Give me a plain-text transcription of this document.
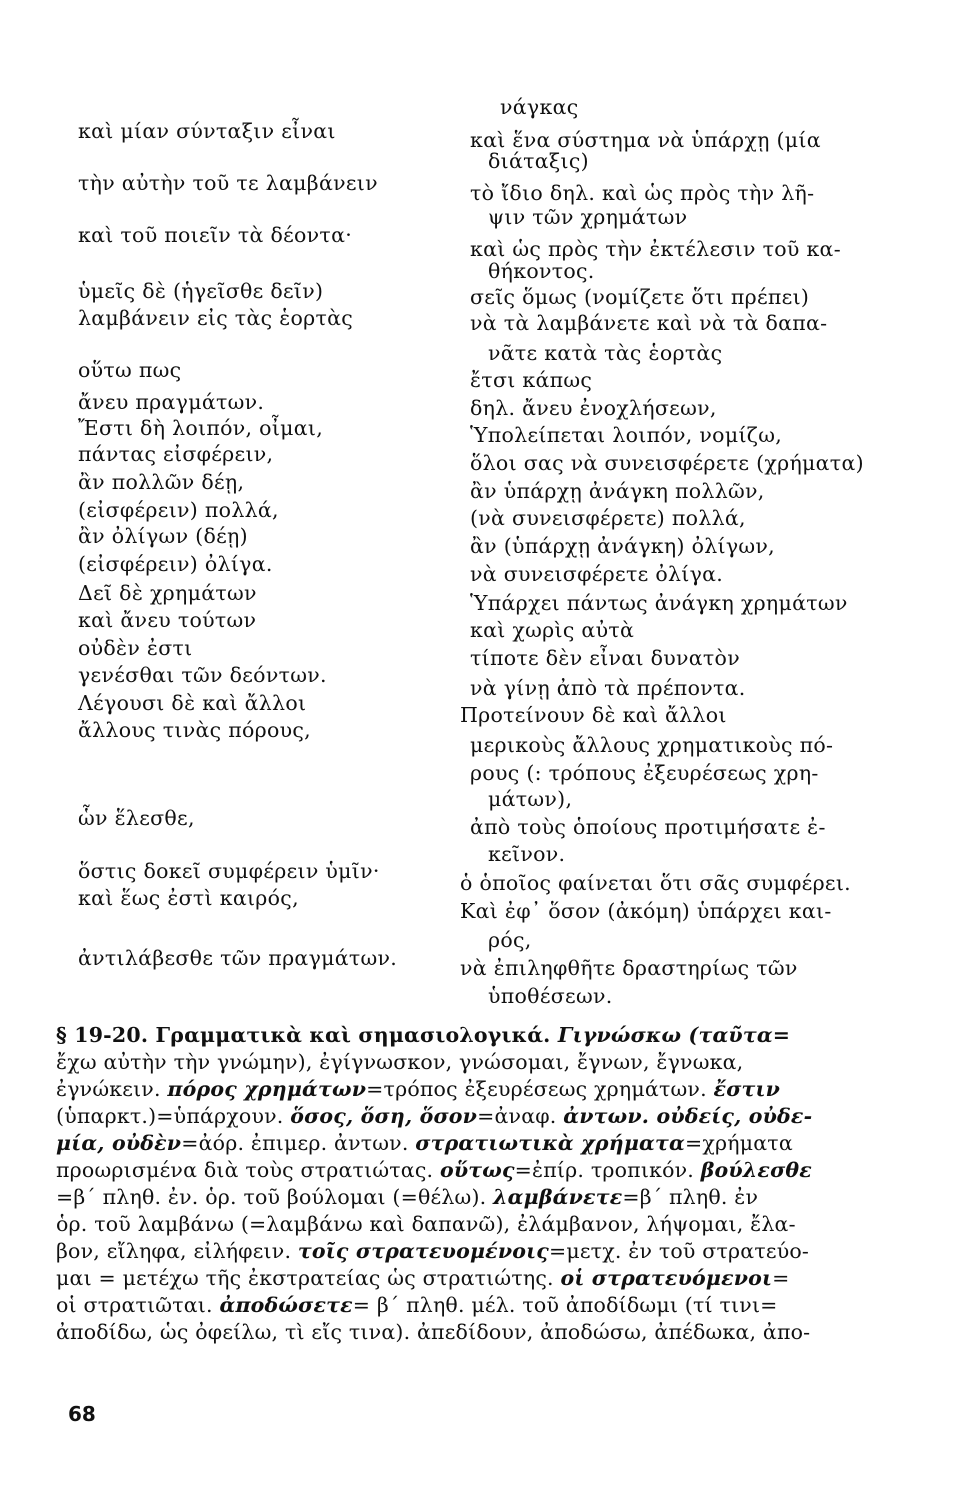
καὶ μίαν σύνταξιν εἶναι
τὴν αὐτὴν τοῦ τε λαμβάνειν
καὶ τοῦ ποιεῖν τὰ δέοντα·
ὑμεῖς δὲ (ἡγεῖσθε δεῖν)
λαμβάνειν εἰς τὰς ἑορτὰς
οὕτω πως
ἄνευ πραγμάτων.
Ἔστι δὴ λοιπόν, οἶμαι,
πάντας εἰσφέρειν,
ἂν πολλῶν δέῃ,
(εἰσφέρειν) πολλά,
ἂν ὀλίγων (δέῃ)
(εἰσφέρειν) ὀλίγα.
Δεῖ δὲ χρημάτων
καὶ ἄνευ τούτων
οὐδὲν ἐστι
γενέσθαι τῶν δεόντων.
Λέγουσι δὲ καὶ ἄλλοι
ἄλλους τινὰς πόρους,
ὧν ἕλεσθε,
ὅστις δοκεῖ συμφέρειν ὑμῖν·
καὶ ἕως ἐστὶ καιρός,
ἀντιλάβεσθε τῶν πραγμάτων.
νάγκας
καὶ ἕνα σύστημα νὰ ὑπάρχῃ (μία
διάταξις)
τὸ ἴδιο δηλ. καὶ ὡς πρὸς τὴν λῆ-
ψιν τῶν χρημάτων
καὶ ὡς πρὸς τὴν ἐκτέλεσιν τοῦ κα-
θήκοντος.
σεῖς ὅμως (νομίζετε ὅτι πρέπει)
νὰ τὰ λαμβάνετε καὶ νὰ τὰ δαπα-
νᾶτε κατὰ τὰς ἑορτὰς
ἔτσι κάπως
δηλ. ἄνευ ἐνοχλήσεων,
Ὑπολείπεται λοιπόν, νομίζω,
ὅλοι σας νὰ συνεισφέρετε (χρήματα)
ἂν ὑπάρχῃ ἀνάγκη πολλῶν,
(νὰ συνεισφέρετε) πολλά,
ἂν (ὑπάρχῃ ἀνάγκη) ὀλίγων,
νὰ συνεισφέρετε ὀλίγα.
Ὑπάρχει πάντως ἀνάγκη χρημάτων
καὶ χωρὶς αὐτὰ
τίποτε δὲν εἶναι δυνατὸν
νὰ γίνῃ ἀπὸ τὰ πρέποντα.
Προτείνουν δὲ καὶ ἄλλοι
μερικοὺς ἄλλους χρηματικοὺς πό-
ρους (: τρόπους ἐξευρέσεως χρη-
μάτων),
ἀπὸ τοὺς ὁποίους προτιμήσατε ἐ-
κεῖνον.
ὁ ὁποῖος φαίνεται ὅτι σᾶς συμφέρει.
Καὶ ἐφ᾽ ὅσον (ἀκόμη) ὑπάρχει και-
ρός,
νὰ ἐπιληφθῆτε δραστηρίως τῶν
ὑποθέσεων.
§ 19-20. Γραμματικὰ καὶ σημασιολογικά. Γιγνώσκω (ταῦτα=
ἔχω αὐτὴν τὴν γνώμην), ἐγίγνωσκον, γνώσομαι, ἔγνων, ἔγνωκα,
ἐγνώκειν. πόρος χρημάτων=τρόπος ἐξευρέσεως χρημάτων. ἔστιν
(ὑπαρκτ.)=ὑπάρχουν. ὅσος, ὅση, ὅσον=ἀναφ. ἀντων. οὐδείς, οὐδε-
μία, οὐδὲν=ἀόρ. ἐπιμερ. ἀντων. στρατιωτικὰ χρήματα=χρήματα
προωρισμένα διὰ τοὺς στρατιώτας. οὕτως=ἐπίρ. τροπικόν. βούλεσθε
=β΄ πληθ. ἐν. ὁρ. τοῦ βούλομαι (=θέλω). λαμβάνετε=β΄ πληθ. ἐν
ὁρ. τοῦ λαμβάνω (=λαμβάνω καὶ δαπανῶ), ἐλάμβανον, λήψομαι, ἔλα-
βον, εἴληφα, εἰλήφειν. τοῖς στρατευομένοις=μετχ. ἐν τοῦ στρατεύο-
μαι = μετέχω τῆς ἐκστρατείας ὡς στρατιώτης. οἱ στρατευόμενοι=
οἱ στρατιῶται. ἀποδώσετε= β΄ πληθ. μέλ. τοῦ ἀποδίδωμι (τί τινι=
ἀποδίδω, ὡς ὀφείλω, τὶ εἴς τινα). ἀπεδίδουν, ἀποδώσω, ἀπέδωκα, ἀπο-
68
